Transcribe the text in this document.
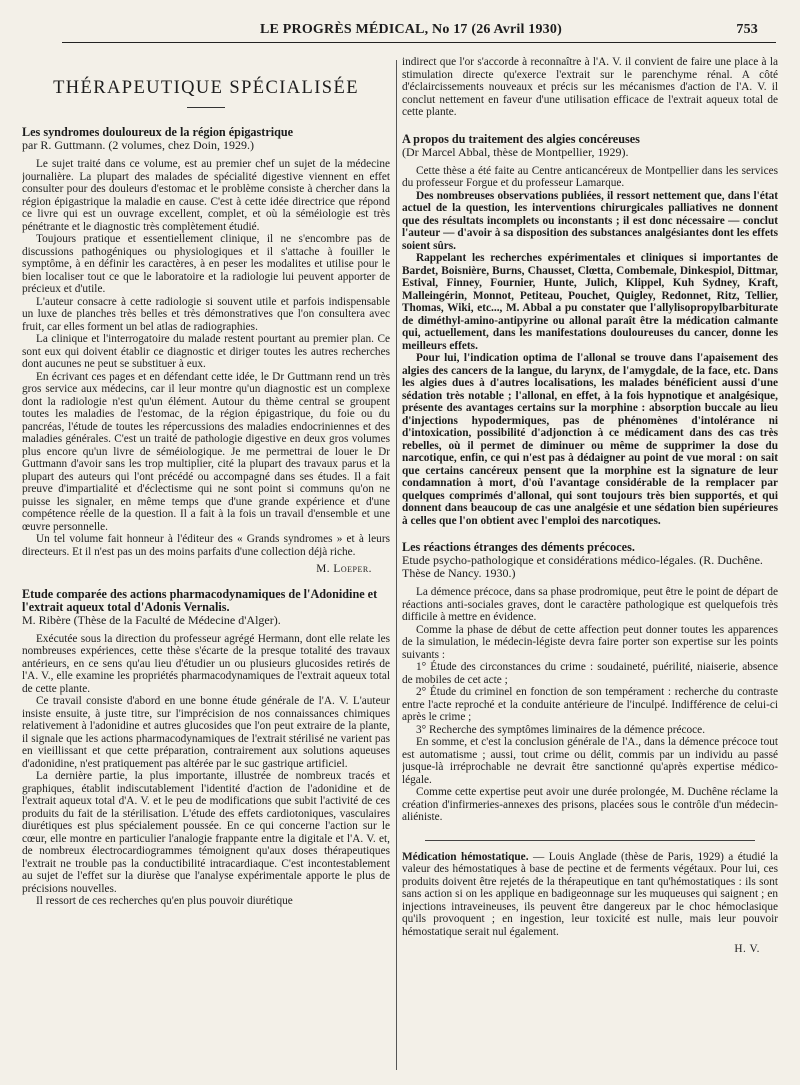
LE PROGRÈS MÉDICAL, No 17 (26 Avril 1930)	753
THÉRAPEUTIQUE SPÉCIALISÉE
Les syndromes douloureux de la région épigastrique
par R. Guttmann. (2 volumes, chez Doin, 1929.)

Le sujet traité dans ce volume, est au premier chef un sujet de la médecine journalière. La plupart des malades de spécialité digestive viennent en effet consulter pour des douleurs d'estomac et le problème consiste à chercher dans la région épigastrique la maladie en cause. C'est à cette idée directrice que répond ce livre qui est un ouvrage excellent, complet, et où la séméiologie est très pénétrante et le diagnostic très complètement étudié.

Toujours pratique et essentiellement clinique, il ne s'encombre pas de discussions pathogéniques ou physiologiques et il s'attache à fouiller le symptôme, à en définir les caractères, à en peser les modalites et utilise pour le bien localiser tout ce que le laboratoire et la radiologie lui peuvent apporter de précieux et d'utile.

L'auteur consacre à cette radiologie si souvent utile et parfois indispensable un luxe de planches très belles et très démonstratives que l'on consultera avec fruit, car elles forment un bel atlas de radiographies.

La clinique et l'interrogatoire du malade restent pourtant au premier plan. Ce sont eux qui doivent établir ce diagnostic et diriger toutes les autres recherches dont aucunes ne peut se substituer à eux.

En écrivant ces pages et en défendant cette idée, le Dr Guttmann rend un très gros service aux médecins, car il leur montre qu'un diagnostic est un complexe dont la radiologie n'est qu'un élément. Autour du thème central se groupent toutes les maladies de l'estomac, de la région épigastrique, du foie ou du pancréas, l'étude de toutes les répercussions des maladies endocriniennes et des maladies générales. C'est un traité de pathologie digestive en deux gros volumes plus encore qu'un livre de séméiologique. Je me permettrai de louer le Dr Guttmann d'avoir sans les trop multiplier, cité la plupart des travaux parus et la plupart des auteurs qui l'ont précédé ou accompagné dans ses études. Il a fait preuve d'impartialité et d'éclectisme qui ne sont point si communs qu'on ne puisse les signaler, en même temps que d'une grande expérience et d'une compétence réelle de la question. Il a fait à la fois un travail d'ensemble et une œuvre personnelle.

Un tel volume fait honneur à l'éditeur des « Grands syndromes » et à leurs directeurs. Et il n'est pas un des moins parfaits d'une collection déjà riche.

M. Loeper.
Etude comparée des actions pharmacodynamiques de l'Adonidine et l'extrait aqueux total d'Adonis Vernalis.
M. Ribère (Thèse de la Faculté de Médecine d'Alger).

Exécutée sous la direction du professeur agrégé Hermann, dont elle relate les nombreuses expériences, cette thèse s'écarte de la presque totalité des travaux antérieurs, en ce sens qu'au lieu d'étudier un ou plusieurs glucosides retirés de l'A. V., elle examine les propriétés pharmacodynamiques de l'extrait aqueux total de cette plante.

Ce travail consiste d'abord en une bonne étude générale de l'A. V. L'auteur insiste ensuite, à juste titre, sur l'imprécision de nos connaissances chimiques relativement à l'adonidine et autres glucosides que l'on peut extraire de la plante, il signale que les actions pharmacodynamiques de l'extrait stérilisé ne varient pas en vieillissant et que cette préparation, contrairement aux solutions aqueuses d'adonidine, n'est pratiquement pas altérée par le suc gastrique artificiel.

La dernière partie, la plus importante, illustrée de nombreux tracés et graphiques, établit indiscutablement l'identité d'action de l'adonidine et de l'extrait aqueux total d'A. V. et le peu de modifications que subit l'activité de ces produits du fait de la stérilisation. L'étude des effets cardiotoniques, vasculaires diurétiques est plus spécialement poussée. En ce qui concerne l'action sur le cœur, elle montre en particulier l'analogie frappante entre la digitale et l'A. V. et, de nombreux électrocardiogrammes témoignent qu'aux doses thérapeutiques l'extrait ne trouble pas la conductibilité intracardiaque. C'est incontestablement au sujet de l'effet sur la diurèse que l'analyse expérimentale apporte le plus de précisions nouvelles.

Il ressort de ces recherches qu'en plus pouvoir diurétique

indirect que l'or s'accorde à reconnaître à l'A. V. il convient de faire une place à la stimulation directe qu'exerce l'extrait sur le parenchyme rénal. A côté d'éclaircissements nouveaux et précis sur les mécanismes d'action de l'A. V. il conclut nettement en faveur d'une utilisation efficace de l'extrait aqueux total de cette plante.

A propos du traitement des algies concéreuses
(Dr Marcel Abbal, thèse de Montpellier, 1929).

Cette thèse a été faite au Centre anticancéreux de Montpellier dans les services du professeur Forgue et du professeur Lamarque.

Des nombreuses observations publiées, il ressort nettement que, dans l'état actuel de la question, les interventions chirurgicales palliatives ne donnent que des résultats incomplets ou inconstants ; il est donc nécessaire — conclut l'auteur — d'avoir à sa disposition des substances analgésiantes dont les effets soient sûrs.

Rappelant les recherches expérimentales et cliniques si importantes de Bardet, Boisnière, Burns, Chausset, Clœtta, Combemale, Dinkespiol, Dittmar, Estival, Finney, Fournier, Hunte, Julich, Klippel, Kuh Sydney, Kraft, Malleingérin, Monnot, Petiteau, Pouchet, Quigley, Redonnet, Ritz, Tellier, Thomas, Wiki, etc..., M. Abbal a pu constater que l'allylisopropylbarbiturate de diméthyl-amino-antipyrine ou allonal paraît être la médication calmante qui, actuellement, dans les manifestations douloureuses du cancer, donne les meilleurs effets.

Pour lui, l'indication optima de l'allonal se trouve dans l'apaisement des algies des cancers de la langue, du larynx, de l'amygdale, de la face, etc. Dans les algies dues à d'autres localisations, les malades bénéficient aussi d'une sédation très notable ; l'allonal, en effet, à la fois hypnotique et analgésique, présente des avantages certains sur la morphine : absorption buccale au lieu d'injections hypodermiques, pas de phénomènes d'intolérance ni d'intoxication, possibilité d'adjonction à ce médicament dans des cas très rebelles, où il permet de diminuer ou même de supprimer la dose du narcotique, enfin, ce qui n'est pas à dédaigner au point de vue moral : on sait que certains cancéreux pensent que la morphine est la signature de leur condamnation à mort, d'où l'avantage considérable de la remplacer par quelques comprimés d'allonal, qui sont toujours très bien supportés, et qui donnent dans beaucoup de cas une analgésie et une sédation bien supérieures à celles que l'on obtient avec l'emploi des narcotiques.

Les réactions étranges des déments précoces.
Etude psycho-pathologique et considérations médico-légales. (R. Duchêne. Thèse de Nancy. 1930.)

La démence précoce, dans sa phase prodromique, peut être le point de départ de réactions anti-sociales graves, dont le caractère pathologique est quelquefois très difficile à mettre en évidence.

Comme la phase de début de cette affection peut donner toutes les apparences de la simulation, le médecin-légiste devra faire porter son expertise sur les points suivants :

1° Étude des circonstances du crime : soudaineté, puérilité, niaiserie, absence de mobiles de cet acte ;

2° Étude du criminel en fonction de son tempérament : recherche du contraste entre l'acte reproché et la conduite antérieure de l'inculpé. Indifférence de celui-ci après le crime ;

3° Recherche des symptômes liminaires de la démence précoce.

En somme, et c'est la conclusion générale de l'A., dans la démence précoce tout est automatisme ; aussi, tout crime ou délit, commis par un individu au passé jusque-là irréprochable ne devrait être sanctionné qu'après expertise médico-légale.

Comme cette expertise peut avoir une durée prolongée, M. Duchêne réclame la création d'infirmeries-annexes des prisons, placées sous le contrôle d'un médecin-aliéniste.

Médication hémostatique. — Louis Anglade (thèse de Paris, 1929) a étudié la valeur des hémostatiques à base de pectine et de ferments végétaux. Pour lui, ces produits doivent être rejetés de la thérapeutique en tant qu'hémostatiques : ils sont sans action si on les applique en badigeonnage sur les muqueuses qui saignent ; en injections intraveineuses, ils peuvent être dangereux par le choc hémoclasique qu'ils provoquent ; en ingestion, leur toxicité est nulle, mais leur pouvoir hémostatique serait nul également.

H. V.
